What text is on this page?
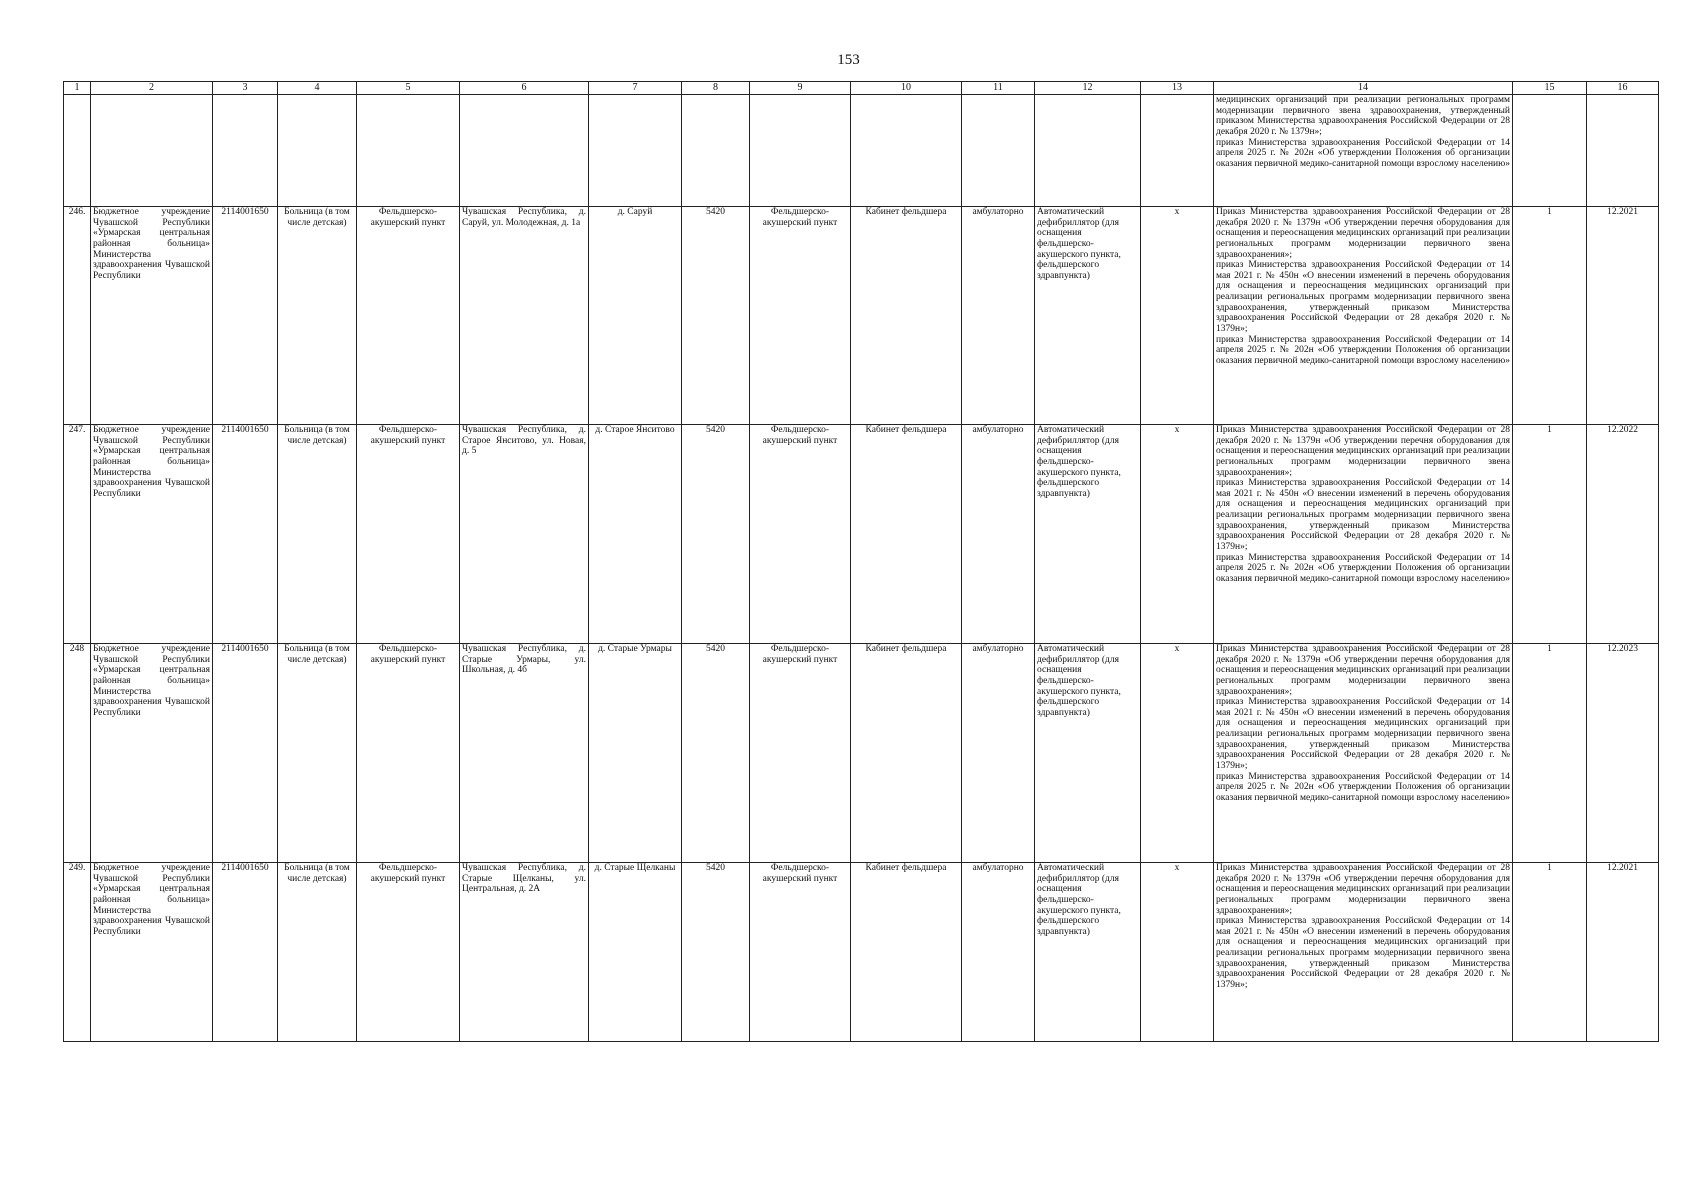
153
1	2	3	4	5	6	7	8	9	10	11	12	13	14	15	16
													медицинских организаций при реализации региональных программ модернизации первичного звена здравоохранения, утвержденный приказом Министерства здравоохранения Российской Федерации от 28 декабря 2020 г. № 1379н»;
приказ Министерства здравоохранения Российской Федерации от 14 апреля 2025 г. № 202н «Об утверждении Положения об организации оказания первичной медико-санитарной помощи взрослому населению»		
246.	Бюджетное учреждение Чувашской Республики «Урмарская центральная районная больница» Министерства здравоохранения Чувашской Республики	2114001650	Больница (в том числе детская)	Фельдшерско-акушерский пункт	Чувашская Республика, д. Саруй, ул. Молодежная, д. 1а	д. Саруй	5420	Фельдшерско-акушерский пункт	Кабинет фельдшера	амбулаторно	Автоматический дефибриллятор (для оснащения фельдшерско-акушерского пункта, фельдшерского здравпункта)	х	Приказ Министерства здравоохранения Российской Федерации от 28 декабря 2020 г. № 1379н «Об утверждении перечня оборудования для оснащения и переоснащения медицинских организаций при реализации региональных программ модернизации первичного звена здравоохранения»;
приказ Министерства здравоохранения Российской Федерации от 14 мая 2021 г. № 450н «О внесении изменений в перечень оборудования для оснащения и переоснащения медицинских организаций при реализации региональных программ модернизации первичного звена здравоохранения, утвержденный приказом Министерства здравоохранения Российской Федерации от 28 декабря 2020 г. № 1379н»;
приказ Министерства здравоохранения Российской Федерации от 14 апреля 2025 г. № 202н «Об утверждении Положения об организации оказания первичной медико-санитарной помощи взрослому населению»	1	12.2021
247.	Бюджетное учреждение Чувашской Республики «Урмарская центральная районная больница» Министерства здравоохранения Чувашской Республики	2114001650	Больница (в том числе детская)	Фельдшерско-акушерский пункт	Чувашская Республика, д. Старое Янситово, ул. Новая, д. 5	д. Старое Янситово	5420	Фельдшерско-акушерский пункт	Кабинет фельдшера	амбулаторно	Автоматический дефибриллятор (для оснащения фельдшерско-акушерского пункта, фельдшерского здравпункта)	х	Приказ Министерства здравоохранения Российской Федерации от 28 декабря 2020 г. № 1379н «Об утверждении перечня оборудования для оснащения и переоснащения медицинских организаций при реализации региональных программ модернизации первичного звена здравоохранения»;
приказ Министерства здравоохранения Российской Федерации от 14 мая 2021 г. № 450н «О внесении изменений в перечень оборудования для оснащения и переоснащения медицинских организаций при реализации региональных программ модернизации первичного звена здравоохранения, утвержденный приказом Министерства здравоохранения Российской Федерации от 28 декабря 2020 г. № 1379н»;
приказ Министерства здравоохранения Российской Федерации от 14 апреля 2025 г. № 202н «Об утверждении Положения об организации оказания первичной медико-санитарной помощи взрослому населению»	1	12.2022
248	Бюджетное учреждение Чувашской Республики «Урмарская центральная районная больница» Министерства здравоохранения Чувашской Республики	2114001650	Больница (в том числе детская)	Фельдшерско-акушерский пункт	Чувашская Республика, д. Старые Урмары, ул. Школьная, д. 4б	д. Старые Урмары	5420	Фельдшерско-акушерский пункт	Кабинет фельдшера	амбулаторно	Автоматический дефибриллятор (для оснащения фельдшерско-акушерского пункта, фельдшерского здравпункта)	х	Приказ Министерства здравоохранения Российской Федерации от 28 декабря 2020 г. № 1379н «Об утверждении перечня оборудования для оснащения и переоснащения медицинских организаций при реализации региональных программ модернизации первичного звена здравоохранения»;
приказ Министерства здравоохранения Российской Федерации от 14 мая 2021 г. № 450н «О внесении изменений в перечень оборудования для оснащения и переоснащения медицинских организаций при реализации региональных программ модернизации первичного звена здравоохранения, утвержденный приказом Министерства здравоохранения Российской Федерации от 28 декабря 2020 г. № 1379н»;
приказ Министерства здравоохранения Российской Федерации от 14 апреля 2025 г. № 202н «Об утверждении Положения об организации оказания первичной медико-санитарной помощи взрослому населению»	1	12.2023
249.	Бюджетное учреждение Чувашской Республики «Урмарская центральная районная больница» Министерства здравоохранения Чувашской Республики	2114001650	Больница (в том числе детская)	Фельдшерско-акушерский пункт	Чувашская Республика, д. Старые Щелканы, ул. Центральная, д. 2А	д. Старые Щелканы	5420	Фельдшерско-акушерский пункт	Кабинет фельдшера	амбулаторно	Автоматический дефибриллятор (для оснащения фельдшерско-акушерского пункта, фельдшерского здравпункта)	х	Приказ Министерства здравоохранения Российской Федерации от 28 декабря 2020 г. № 1379н «Об утверждении перечня оборудования для оснащения и переоснащения медицинских организаций при реализации региональных программ модернизации первичного звена здравоохранения»;
приказ Министерства здравоохранения Российской Федерации от 14 мая 2021 г. № 450н «О внесении изменений в перечень оборудования для оснащения и переоснащения медицинских организаций при реализации региональных программ модернизации первичного звена здравоохранения, утвержденный приказом Министерства здравоохранения Российской Федерации от 28 декабря 2020 г. № 1379н»;	1	12.2021
